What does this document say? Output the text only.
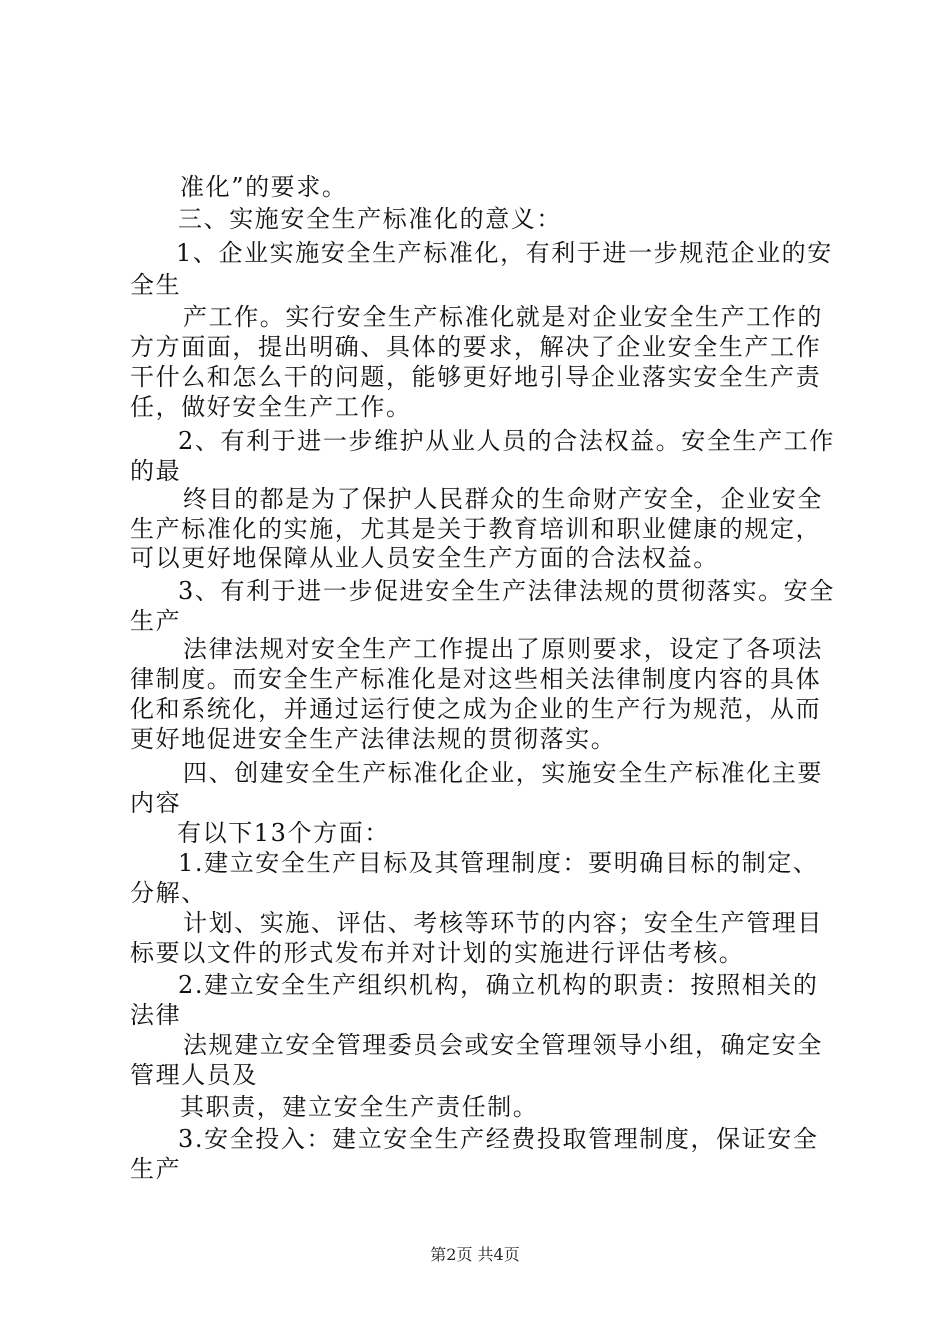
准化”的要求。
三、实施安全生产标准化的意义：
1、企业实施安全生产标准化，有利于进一步规范企业的安
全生
产工作。实行安全生产标准化就是对企业安全生产工作的
方方面面，提出明确、具体的要求，解决了企业安全生产工作
干什么和怎么干的问题，能够更好地引导企业落实安全生产责
任，做好安全生产工作。
2、有利于进一步维护从业人员的合法权益。安全生产工作
的最
终目的都是为了保护人民群众的生命财产安全，企业安全
生产标准化的实施，尤其是关于教育培训和职业健康的规定，
可以更好地保障从业人员安全生产方面的合法权益。
3、有利于进一步促进安全生产法律法规的贯彻落实。安全
生产
法律法规对安全生产工作提出了原则要求，设定了各项法
律制度。而安全生产标准化是对这些相关法律制度内容的具体
化和系统化，并通过运行使之成为企业的生产行为规范，从而
更好地促进安全生产法律法规的贯彻落实。
四、创建安全生产标准化企业，实施安全生产标准化主要
内容
有以下13个方面：
1.建立安全生产目标及其管理制度：要明确目标的制定、
分解、
计划、实施、评估、考核等环节的内容；安全生产管理目
标要以文件的形式发布并对计划的实施进行评估考核。
2.建立安全生产组织机构，确立机构的职责：按照相关的
法律
法规建立安全管理委员会或安全管理领导小组，确定安全
管理人员及
其职责，建立安全生产责任制。
3.安全投入：建立安全生产经费投取管理制度，保证安全
生产
第2页 共4页
